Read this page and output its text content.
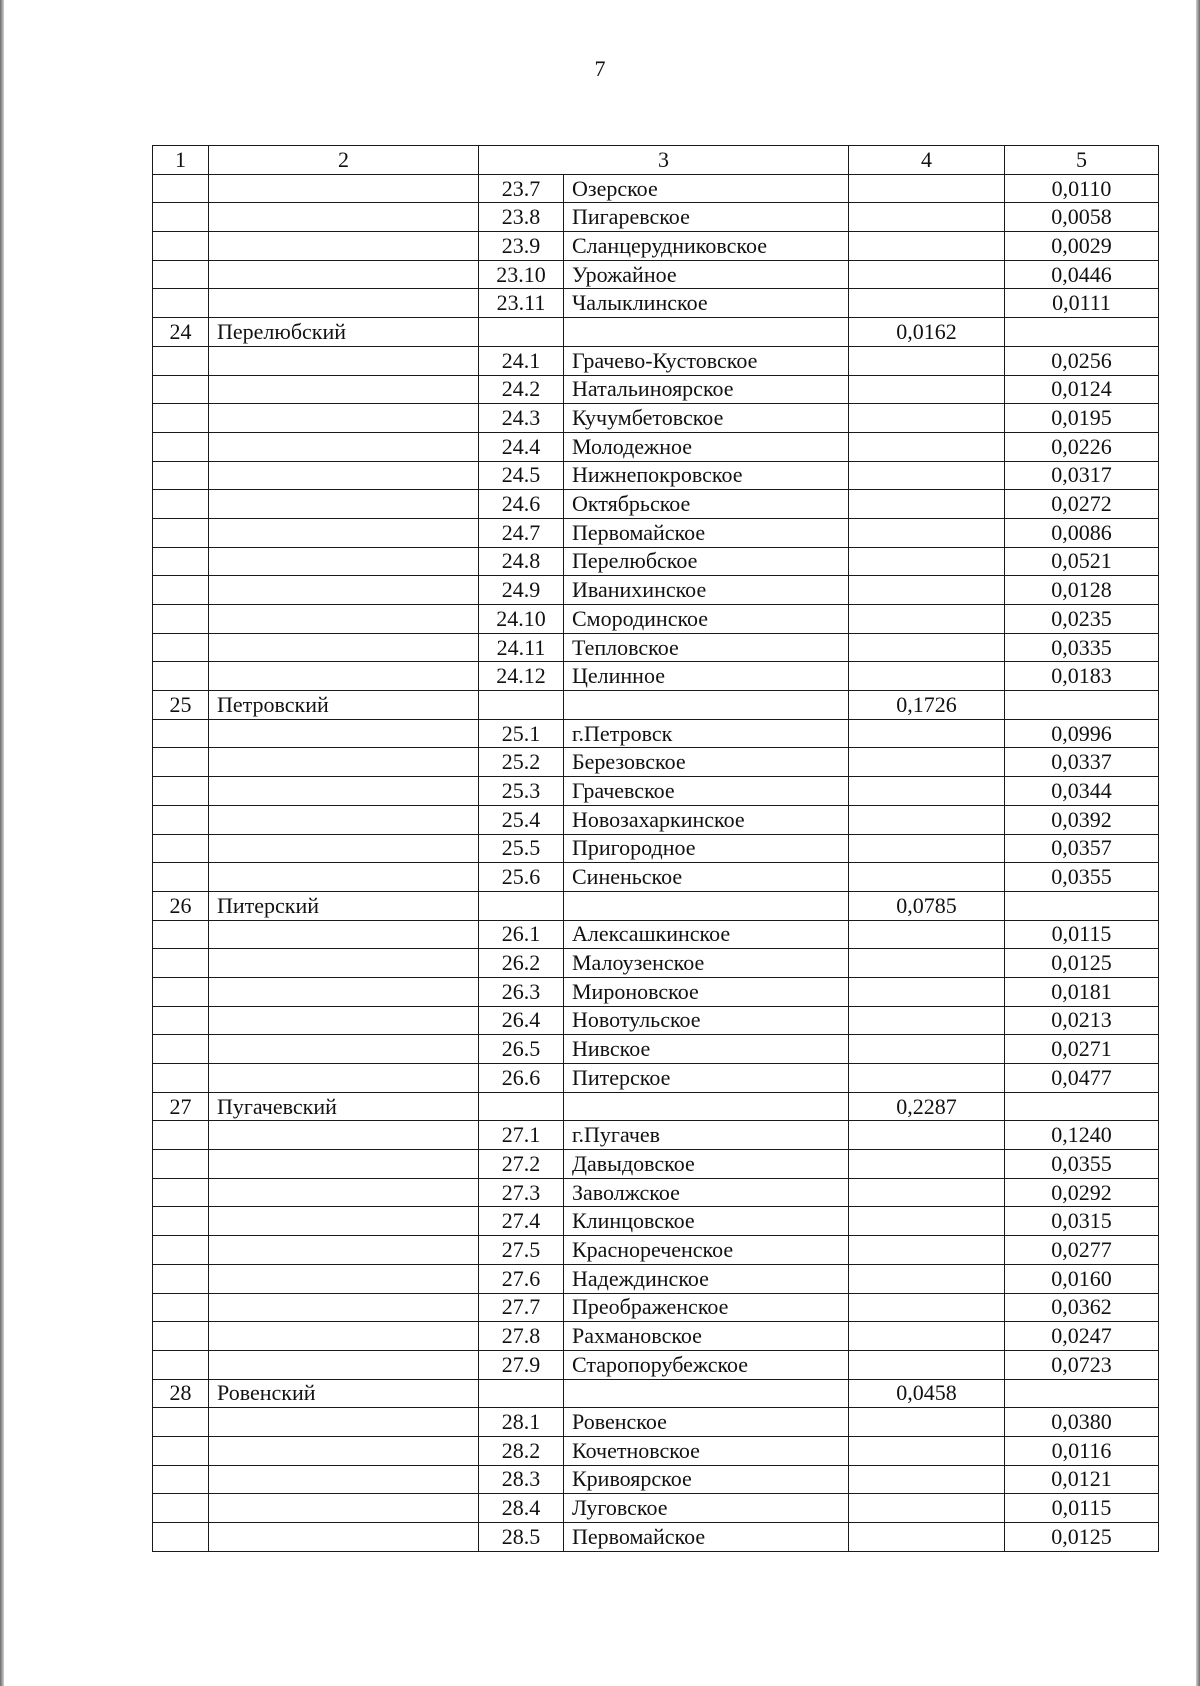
7
1	2	3		4	5
		23.7	Озерское		0,0110
		23.8	Пигаревское		0,0058
		23.9	Сланцерудниковское		0,0029
		23.10	Урожайное		0,0446
		23.11	Чалыклинское		0,0111
24	Перелюбский			0,0162	
		24.1	Грачево-Кустовское		0,0256
		24.2	Натальиноярское		0,0124
		24.3	Кучумбетовское		0,0195
		24.4	Молодежное		0,0226
		24.5	Нижнепокровское		0,0317
		24.6	Октябрьское		0,0272
		24.7	Первомайское		0,0086
		24.8	Перелюбское		0,0521
		24.9	Иванихинское		0,0128
		24.10	Смородинское		0,0235
		24.11	Тепловское		0,0335
		24.12	Целинное		0,0183
25	Петровский			0,1726	
		25.1	г.Петровск		0,0996
		25.2	Березовское		0,0337
		25.3	Грачевское		0,0344
		25.4	Новозахаркинское		0,0392
		25.5	Пригородное		0,0357
		25.6	Синеньское		0,0355
26	Питерский			0,0785	
		26.1	Алексашкинское		0,0115
		26.2	Малоузенское		0,0125
		26.3	Мироновское		0,0181
		26.4	Новотульское		0,0213
		26.5	Нивское		0,0271
		26.6	Питерское		0,0477
27	Пугачевский			0,2287	
		27.1	г.Пугачев		0,1240
		27.2	Давыдовское		0,0355
		27.3	Заволжское		0,0292
		27.4	Клинцовское		0,0315
		27.5	Краснореченское		0,0277
		27.6	Надеждинское		0,0160
		27.7	Преображенское		0,0362
		27.8	Рахмановское		0,0247
		27.9	Старопорубежское		0,0723
28	Ровенский			0,0458	
		28.1	Ровенское		0,0380
		28.2	Кочетновское		0,0116
		28.3	Кривоярское		0,0121
		28.4	Луговское		0,0115
		28.5	Первомайское		0,0125
